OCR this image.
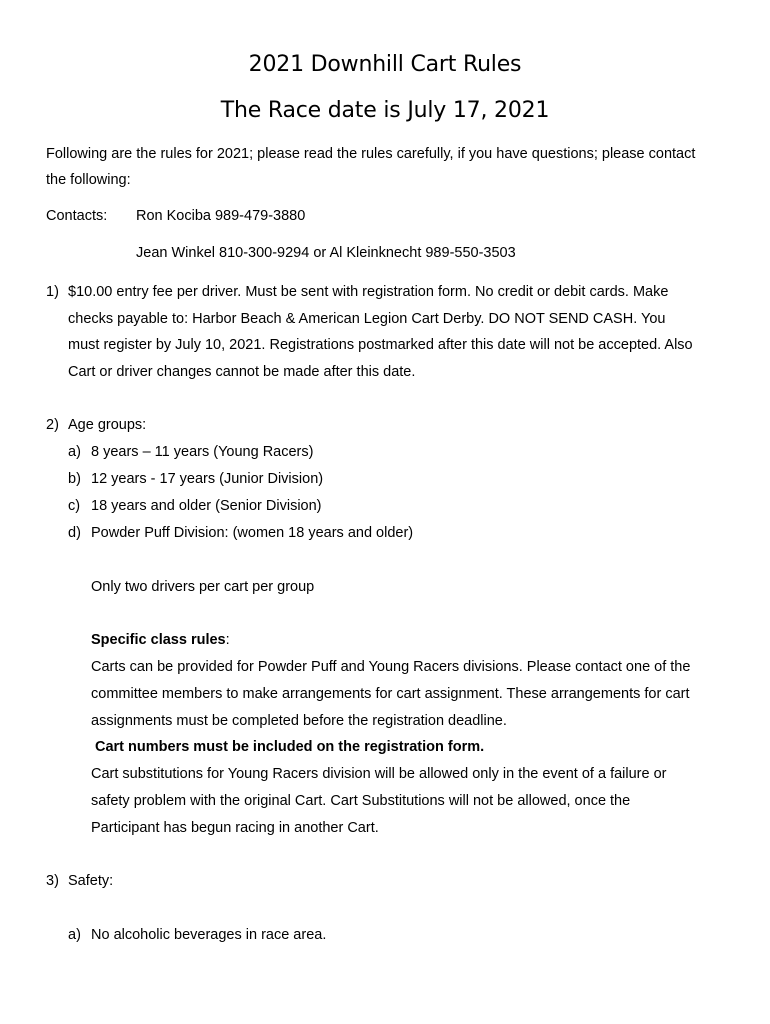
2021 Downhill Cart Rules
The Race date is July 17, 2021
Following are the rules for 2021; please read the rules carefully, if you have questions; please contact
the following:
Contacts: Ron Kociba 989-479-3880
Jean Winkel 810-300-9294 or Al Kleinknecht 989-550-3503
1) $10.00 entry fee per driver. Must be sent with registration form. No credit or debit cards. Make
checks payable to: Harbor Beach & American Legion Cart Derby. DO NOT SEND CASH. You
must register by July 10, 2021. Registrations postmarked after this date will not be accepted. Also
Cart or driver changes cannot be made after this date.
2) Age groups:
a) 8 years – 11 years (Young Racers)
b) 12 years - 17 years (Junior Division)
c) 18 years and older (Senior Division)
d) Powder Puff Division: (women 18 years and older)
Only two drivers per cart per group
Specific class rules:
Carts can be provided for Powder Puff and Young Racers divisions. Please contact one of the
committee members to make arrangements for cart assignment. These arrangements for cart
assignments must be completed before the registration deadline.
Cart numbers must be included on the registration form.
Cart substitutions for Young Racers division will be allowed only in the event of a failure or
safety problem with the original Cart. Cart Substitutions will not be allowed, once the
Participant has begun racing in another Cart.
3) Safety:
a) No alcoholic beverages in race area.
